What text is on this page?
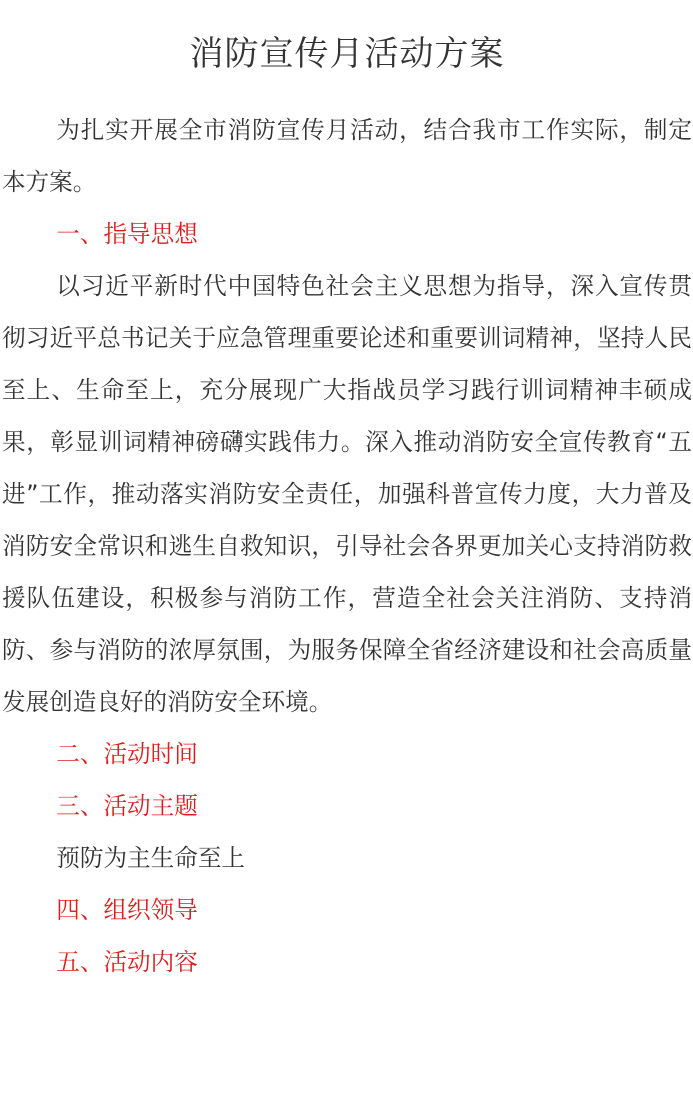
消防宣传月活动方案

为扎实开展全市消防宣传月活动，结合我市工作实际，制定本方案。

一、指导思想

以习近平新时代中国特色社会主义思想为指导，深入宣传贯彻习近平总书记关于应急管理重要论述和重要训词精神，坚持人民至上、生命至上，充分展现广大指战员学习践行训词精神丰硕成果，彰显训词精神磅礴实践伟力。深入推动消防安全宣传教育“五进”工作，推动落实消防安全责任，加强科普宣传力度，大力普及消防安全常识和逃生自救知识，引导社会各界更加关心支持消防救援队伍建设，积极参与消防工作，营造全社会关注消防、支持消防、参与消防的浓厚氛围，为服务保障全省经济建设和社会高质量发展创造良好的消防安全环境。

二、活动时间

三、活动主题

预防为主生命至上

四、组织领导

五、活动内容
